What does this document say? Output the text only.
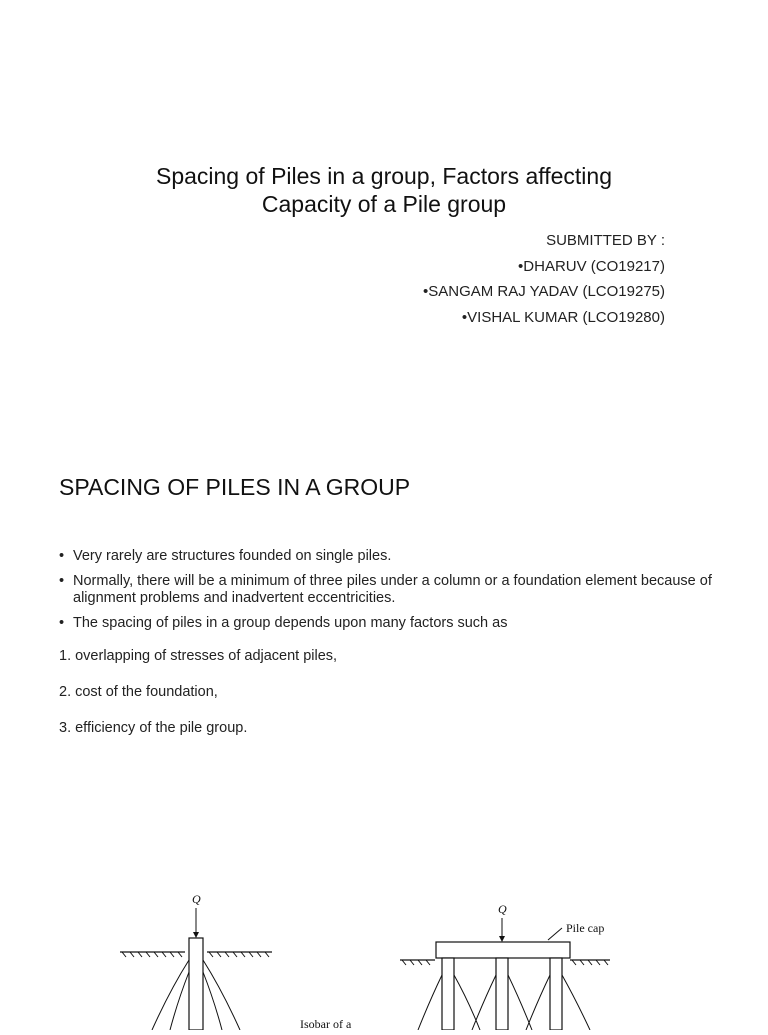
Spacing of Piles in a group, Factors affecting
Capacity of a Pile group
SUBMITTED BY :
•DHARUV (CO19217)
•SANGAM RAJ YADAV (LCO19275)
•VISHAL KUMAR (LCO19280)
SPACING OF PILES IN A GROUP
• Very rarely are structures founded on single piles.
• Normally, there will be a minimum of three piles under a column or a foundation element because of alignment problems and inadvertent eccentricities.
• The spacing of piles in a group depends upon many factors such as
1. overlapping of stresses of adjacent piles,
2. cost of the foundation,
3. efficiency of the pile group.
Q
Isobar of a
Q
Pile cap
